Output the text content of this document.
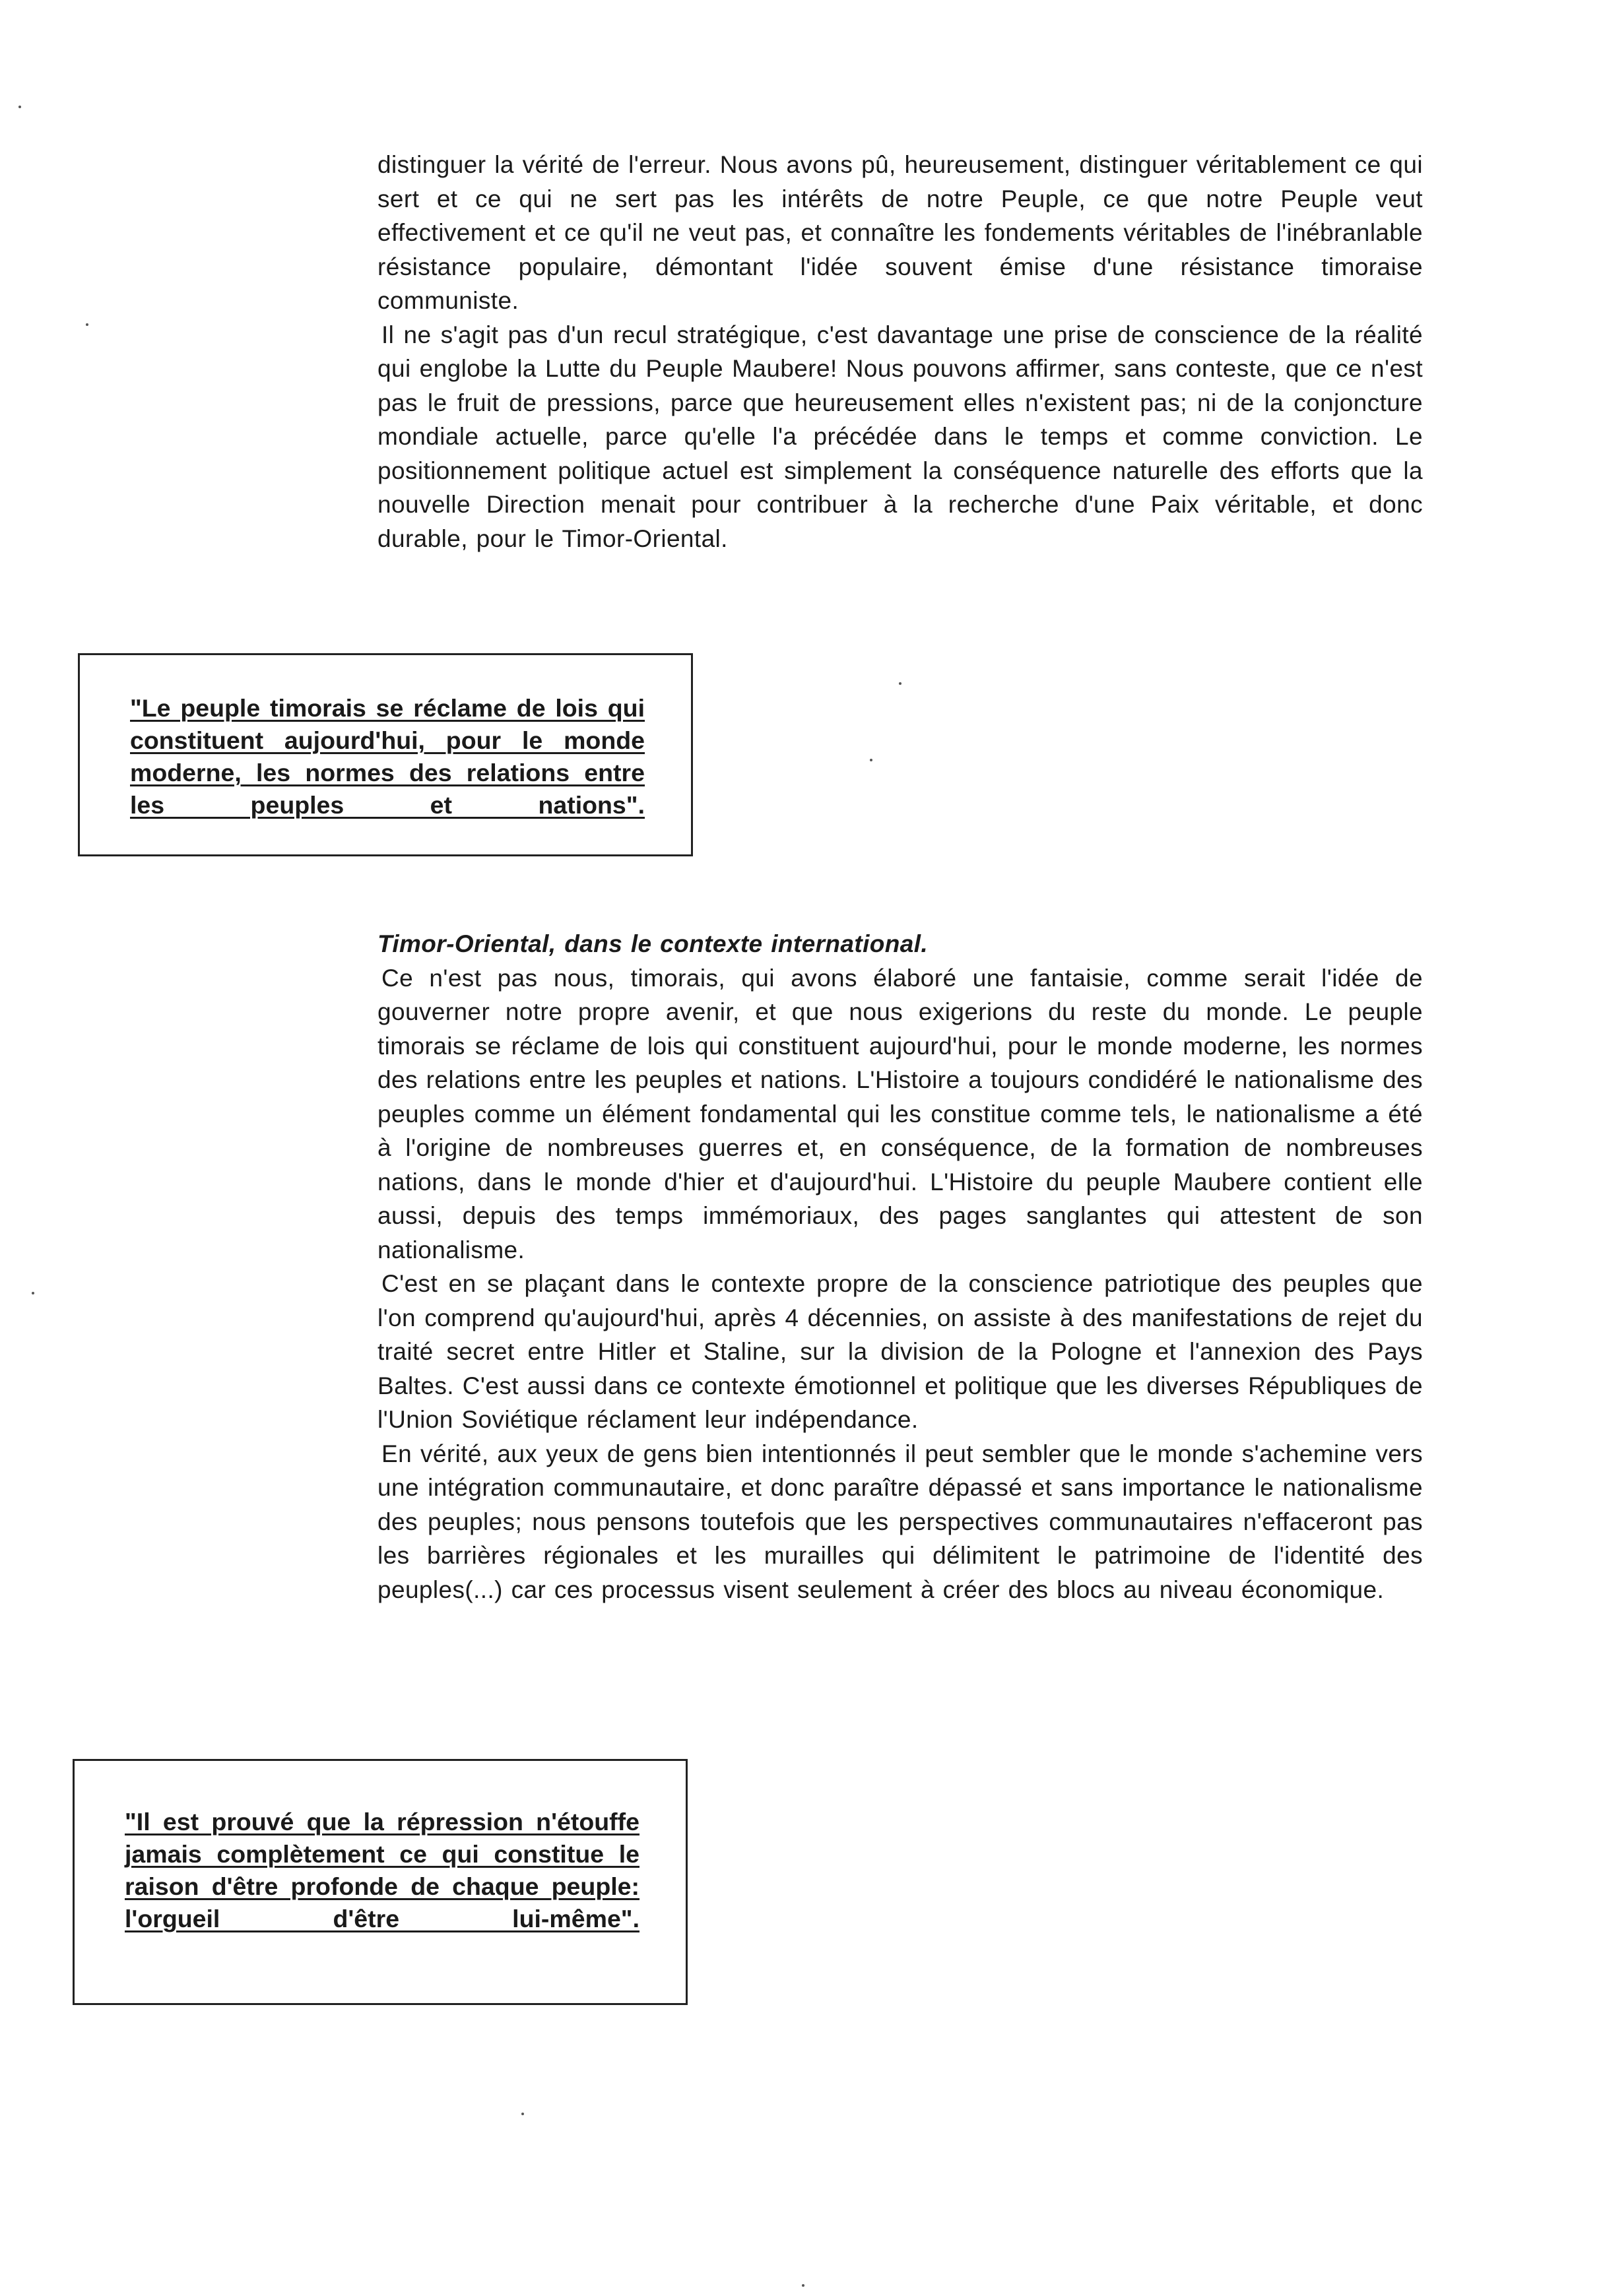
distinguer la vérité de l'erreur. Nous avons pû, heureusement, distinguer véritablement ce qui sert et ce qui ne sert pas les intérêts de notre Peuple, ce que notre Peuple veut effectivement et ce qu'il ne veut pas, et connaître les fondements véritables de l'inébranlable résistance populaire, démontant l'idée souvent émise d'une résistance timoraise communiste.

Il ne s'agit pas d'un recul stratégique, c'est davantage une prise de conscience de la réalité qui englobe la Lutte du Peuple Maubere! Nous pouvons affirmer, sans conteste, que ce n'est pas le fruit de pressions, parce que heureusement elles n'existent pas; ni de la conjoncture mondiale actuelle, parce qu'elle l'a précédée dans le temps et comme conviction. Le positionnement politique actuel est simplement la conséquence naturelle des efforts que la nouvelle Direction menait pour contribuer à la recherche d'une Paix véritable, et donc durable, pour le Timor-Oriental.

"Le peuple timorais se réclame de lois qui constituent aujourd'hui, pour le monde moderne, les normes des relations entre les peuples et nations".

Timor-Oriental, dans le contexte international.

Ce n'est pas nous, timorais, qui avons élaboré une fantaisie, comme serait l'idée de gouverner notre propre avenir, et que nous exigerions du reste du monde. Le peuple timorais se réclame de lois qui constituent aujourd'hui, pour le monde moderne, les normes des relations entre les peuples et nations. L'Histoire a toujours condidéré le nationalisme des peuples comme un élément fondamental qui les constitue comme tels, le nationalisme a été à l'origine de nombreuses guerres et, en conséquence, de la formation de nombreuses nations, dans le monde d'hier et d'aujourd'hui. L'Histoire du peuple Maubere contient elle aussi, depuis des temps immémoriaux, des pages sanglantes qui attestent de son nationalisme.

C'est en se plaçant dans le contexte propre de la conscience patriotique des peuples que l'on comprend qu'aujourd'hui, après 4 décennies, on assiste à des manifestations de rejet du traité secret entre Hitler et Staline, sur la division de la Pologne et l'annexion des Pays Baltes. C'est aussi dans ce contexte émotionnel et politique que les diverses Républiques de l'Union Soviétique réclament leur indépendance.

En vérité, aux yeux de gens bien intentionnés il peut sembler que le monde s'achemine vers une intégration communautaire, et donc paraître dépassé et sans importance le nationalisme des peuples; nous pensons toutefois que les perspectives communautaires n'effaceront pas les barrières régionales et les murailles qui délimitent le patrimoine de l'identité des peuples(...) car ces processus visent seulement à créer des blocs au niveau économique.

"Il est prouvé que la répression n'étouffe jamais complètement ce qui constitue le raison d'être profonde de chaque peuple: l'orgueil d'être lui-même".
